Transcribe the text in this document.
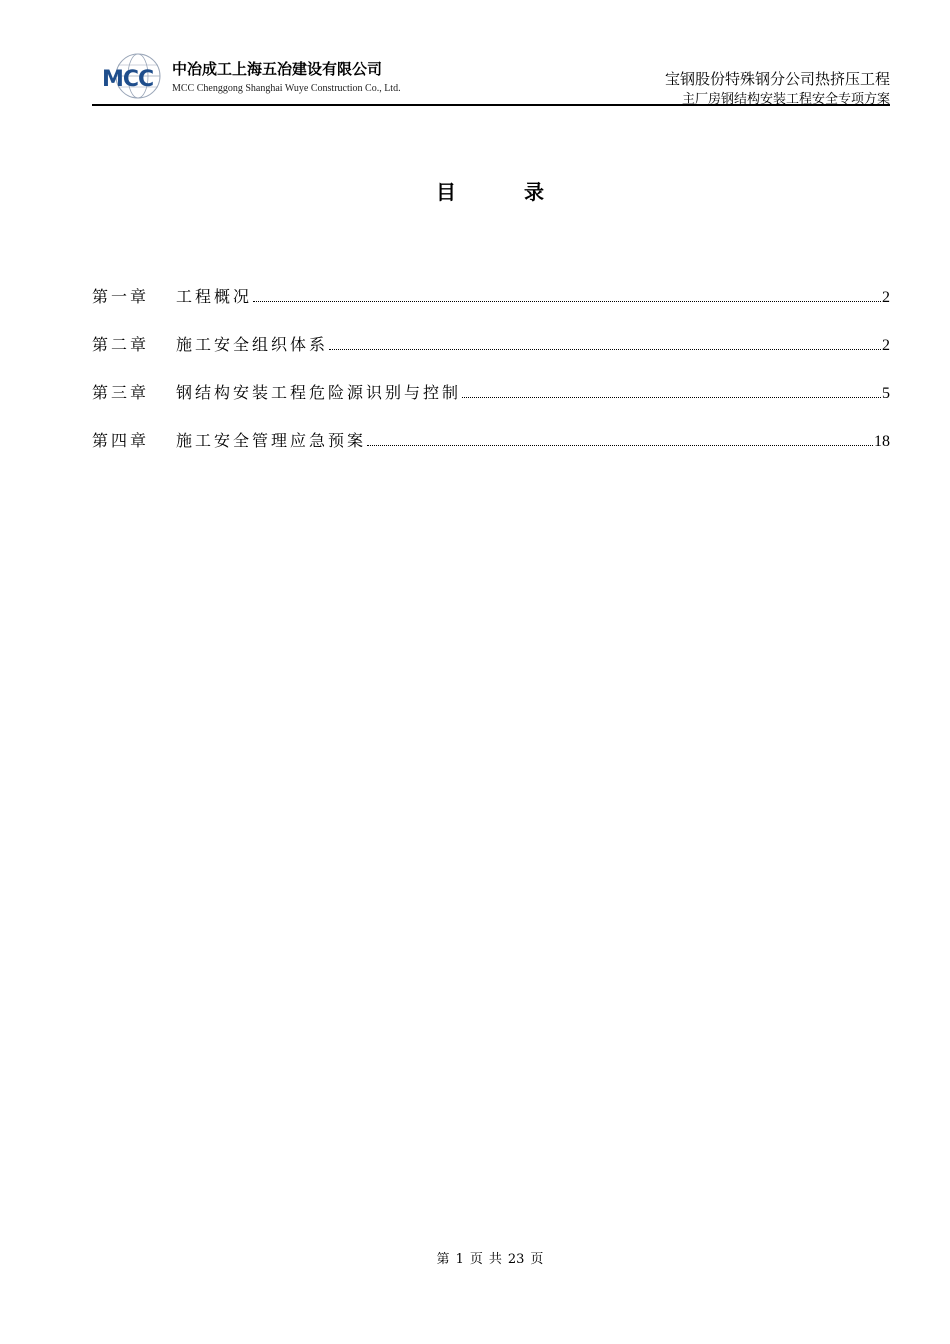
MCC 中冶成工上海五冶建设有限公司
MCC Chenggong Shanghai Wuye Construction Co., Ltd.
宝钢股份特殊钢分公司热挤压工程
主厂房钢结构安装工程安全专项方案
目	录
第一章	工程概况	2
第二章	施工安全组织体系	2
第三章	钢结构安装工程危险源识别与控制	5
第四章	施工安全管理应急预案	18
第 1 页 共 23 页
